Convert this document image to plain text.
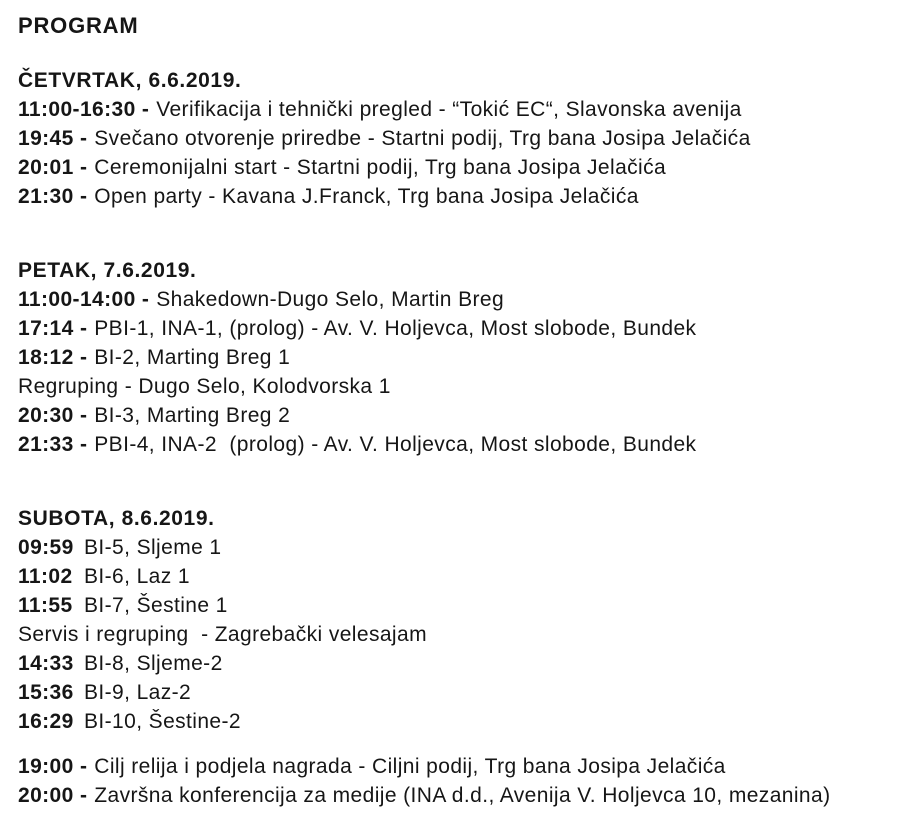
PROGRAM
ČETVRTAK, 6.6.2019.
11:00-16:30 - Verifikacija i tehnički pregled - “Tokić EC“, Slavonska avenija
19:45 - Svečano otvorenje priredbe - Startni podij, Trg bana Josipa Jelačića
20:01 - Ceremonijalni start - Startni podij, Trg bana Josipa Jelačića
21:30 - Open party - Kavana J.Franck, Trg bana Josipa Jelačića
PETAK, 7.6.2019.
11:00-14:00 - Shakedown-Dugo Selo, Martin Breg
17:14 - PBI-1, INA-1, (prolog) - Av. V. Holjevca, Most slobode, Bundek
18:12 - BI-2, Marting Breg 1
Regruping - Dugo Selo, Kolodvorska 1
20:30 - BI-3, Marting Breg 2
21:33 - PBI-4, INA-2  (prolog) - Av. V. Holjevca, Most slobode, Bundek
SUBOTA, 8.6.2019.
09:59 BI-5, Sljeme 1
11:02 BI-6, Laz 1
11:55 BI-7, Šestine 1
Servis i regruping  - Zagrebački velesajam
14:33 BI-8, Sljeme-2
15:36 BI-9, Laz-2
16:29 BI-10, Šestine-2
19:00 - Cilj relija i podjela nagrada - Ciljni podij, Trg bana Josipa Jelačića
20:00 - Završna konferencija za medije (INA d.d., Avenija V. Holjevca 10, mezanina)
